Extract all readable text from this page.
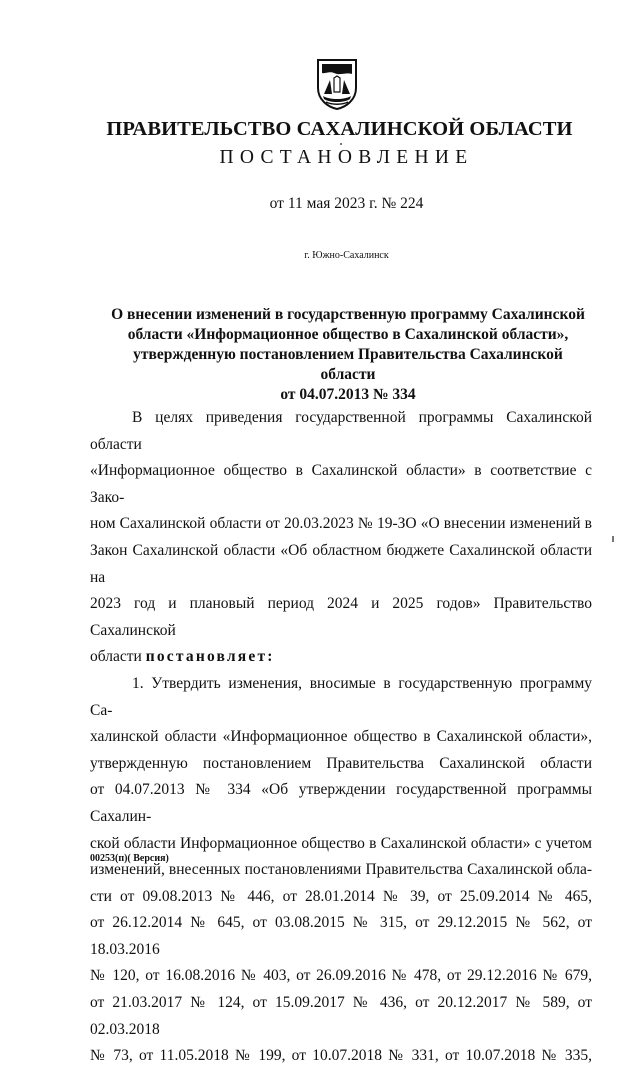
ПРАВИТЕЛЬСТВО САХАЛИНСКОЙ ОБЛАСТИ
ПОСТАНОВЛЕНИЕ
от 11 мая 2023 г. № 224
г. Южно-Сахалинск
О внесении изменений в государственную программу Сахалинской
области «Информационное общество в Сахалинской области»,
утвержденную постановлением Правительства Сахалинской области
от 04.07.2013 № 334

В целях приведения государственной программы Сахалинской области

«Информационное общество в Сахалинской области» в соответствие с Зако-

ном Сахалинской области от 20.03.2023 № 19-ЗО «О внесении изменений в

Закон Сахалинской области «Об областном бюджете Сахалинской области на

2023 год и плановый период 2024 и 2025 годов» Правительство Сахалинской

области постановляет:

1. Утвердить изменения, вносимые в государственную программу Са-

халинской области «Информационное общество в Сахалинской области»,

утвержденную постановлением Правительства Сахалинской области

от 04.07.2013 № 334 «Об утверждении государственной программы Сахалин-

ской области Информационное общество в Сахалинской области» с учетом

изменений, внесенных постановлениями Правительства Сахалинской обла-

сти от 09.08.2013 № 446, от 28.01.2014 № 39, от 25.09.2014 № 465,

от 26.12.2014 № 645, от 03.08.2015 № 315, от 29.12.2015 № 562, от 18.03.2016

№ 120, от 16.08.2016 № 403, от 26.09.2016 № 478, от 29.12.2016 № 679,

от 21.03.2017 № 124, от 15.09.2017 № 436, от 20.12.2017 № 589, от 02.03.2018

№ 73, от 11.05.2018 № 199, от 10.07.2018 № 331, от 10.07.2018 № 335,

00253(п)( Версия)
